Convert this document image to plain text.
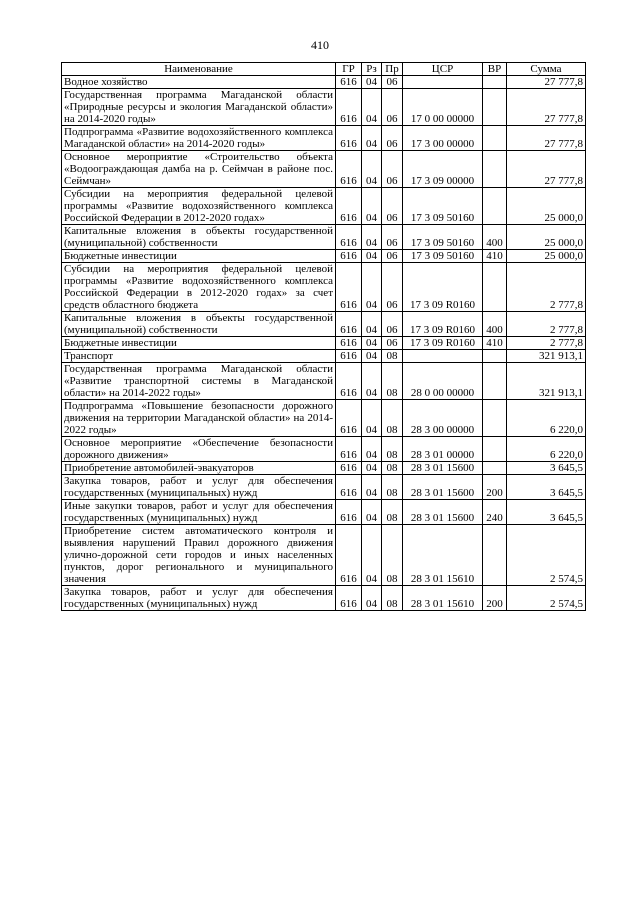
410
Наименование	ГР	Рз	Пр	ЦСР	ВР	Сумма
Водное хозяйство	616	04	06			27 777,8
Государственная программа Магаданской области «Природные ресурсы и экология Магаданской области» на 2014-2020 годы»	616	04	06	17 0 00 00000		27 777,8
Подпрограмма «Развитие водохозяйственного комплекса Магаданской области» на 2014-2020 годы»	616	04	06	17 3 00 00000		27 777,8
Основное мероприятие «Строительство объекта «Водоограждающая дамба на р. Сеймчан в районе пос. Сеймчан»	616	04	06	17 3 09 00000		27 777,8
Субсидии на мероприятия федеральной целевой программы «Развитие водохозяйственного комплекса Российской Федерации в 2012-2020 годах»	616	04	06	17 3 09 50160		25 000,0
Капитальные вложения в объекты государственной (муниципальной) собственности	616	04	06	17 3 09 50160	400	25 000,0
Бюджетные инвестиции	616	04	06	17 3 09 50160	410	25 000,0
Субсидии на мероприятия федеральной целевой программы «Развитие водохозяйственного комплекса Российской Федерации в 2012-2020 годах» за счет средств областного бюджета	616	04	06	17 3 09 R0160		2 777,8
Капитальные вложения в объекты государственной (муниципальной) собственности	616	04	06	17 3 09 R0160	400	2 777,8
Бюджетные инвестиции	616	04	06	17 3 09 R0160	410	2 777,8
Транспорт	616	04	08			321 913,1
Государственная программа Магаданской области «Развитие транспортной системы в Магаданской области» на 2014-2022 годы»	616	04	08	28 0 00 00000		321 913,1
Подпрограмма «Повышение безопасности дорожного движения на территории Магаданской области» на 2014-2022 годы»	616	04	08	28 3 00 00000		6 220,0
Основное мероприятие «Обеспечение безопасности дорожного движения»	616	04	08	28 3 01 00000		6 220,0
Приобретение автомобилей-эвакуаторов	616	04	08	28 3 01 15600		3 645,5
Закупка товаров, работ и услуг для обеспечения государственных (муниципальных) нужд	616	04	08	28 3 01 15600	200	3 645,5
Иные закупки товаров, работ и услуг для обеспечения государственных (муниципальных) нужд	616	04	08	28 3 01 15600	240	3 645,5
Приобретение систем автоматического контроля и выявления нарушений Правил дорожного движения улично-дорожной сети городов и иных населенных пунктов, дорог регионального и муниципального значения	616	04	08	28 3 01 15610		2 574,5
Закупка товаров, работ и услуг для обеспечения государственных (муниципальных) нужд	616	04	08	28 3 01 15610	200	2 574,5
